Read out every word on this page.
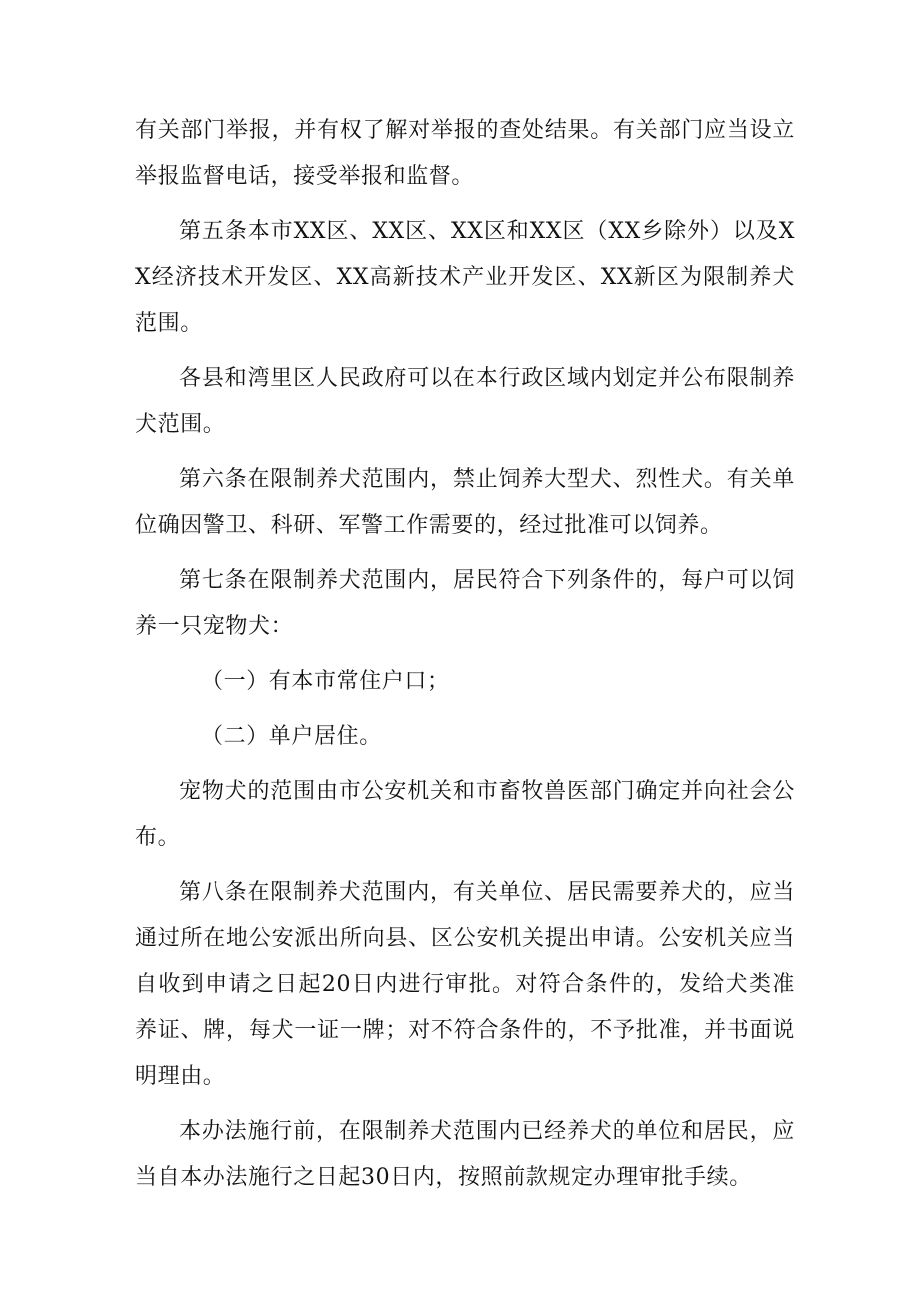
有关部门举报，并有权了解对举报的查处结果。有关部门应当设立举报监督电话，接受举报和监督。

第五条本市XX区、XX区、XX区和XX区（XX乡除外）以及XX经济技术开发区、XX高新技术产业开发区、XX新区为限制养犬范围。

各县和湾里区人民政府可以在本行政区域内划定并公布限制养犬范围。

第六条在限制养犬范围内，禁止饲养大型犬、烈性犬。有关单位确因警卫、科研、军警工作需要的，经过批准可以饲养。

第七条在限制养犬范围内，居民符合下列条件的，每户可以饲养一只宠物犬：

（一）有本市常住户口；

（二）单户居住。

宠物犬的范围由市公安机关和市畜牧兽医部门确定并向社会公布。

第八条在限制养犬范围内，有关单位、居民需要养犬的，应当通过所在地公安派出所向县、区公安机关提出申请。公安机关应当自收到申请之日起20日内进行审批。对符合条件的，发给犬类准养证、牌，每犬一证一牌；对不符合条件的，不予批准，并书面说明理由。

本办法施行前，在限制养犬范围内已经养犬的单位和居民，应当自本办法施行之日起30日内，按照前款规定办理审批手续。
